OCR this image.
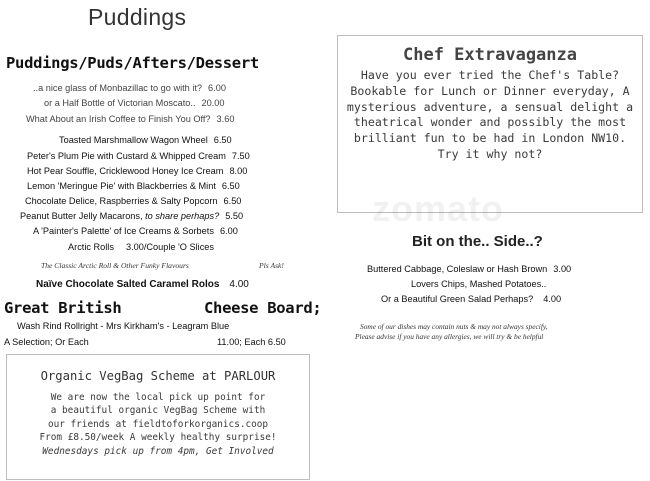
Puddings
Puddings/Puds/Afters/Dessert
..a nice glass of Monbazillac to go with it? 6.00
or a Half Bottle of Victorian Moscato.. 20.00
What About an Irish Coffee to Finish You Off? 3.60
Toasted Marshmallow Wagon Wheel 6.50
Peter's Plum Pie with Custard & Whipped Cream 7.50
Hot Pear Souffle, Cricklewood Honey Ice Cream 8.00
Lemon 'Meringue Pie' with Blackberries & Mint 6.50
Chocolate Delice, Raspberries & Salty Popcorn 6.50
Peanut Butter Jelly Macarons, to share perhaps? 5.50
A 'Painter's Palette' of Ice Creams & Sorbets 6.00
Arctic Rolls 3.00/Couple 'O Slices
The Classic Arctic Roll & Other Funky Flavours	Pls Ask!
Naïve Chocolate Salted Caramel Rolos 4.00
Great British	Cheese Board;
Wash Rind Rollright - Mrs Kirkham's - Leagram Blue
A Selection; Or Each	11.00; Each 6.50
Organic VegBag Scheme at PARLOUR
We are now the local pick up point for
a beautiful organic VegBag Scheme with
our friends at fieldtoforkorganics.coop
From £8.50/week A weekly healthy surprise!
Wednesdays pick up from 4pm, Get Involved
Chef Extravaganza
Have you ever tried the Chef's Table? Bookable for Lunch or Dinner everyday, A mysterious adventure, a sensual delight a theatrical wonder and possibly the most brilliant fun to be had in London NW10. Try it why not?
zomato
Bit on the.. Side..?
Buttered Cabbage, Coleslaw or Hash Brown 3.00
Lovers Chips, Mashed Potatoes..
Or a Beautiful Green Salad Perhaps? 4.00
Some of our dishes may contain nuts & may not always specify,
Please advise if you have any allergies, we will try & be helpful
